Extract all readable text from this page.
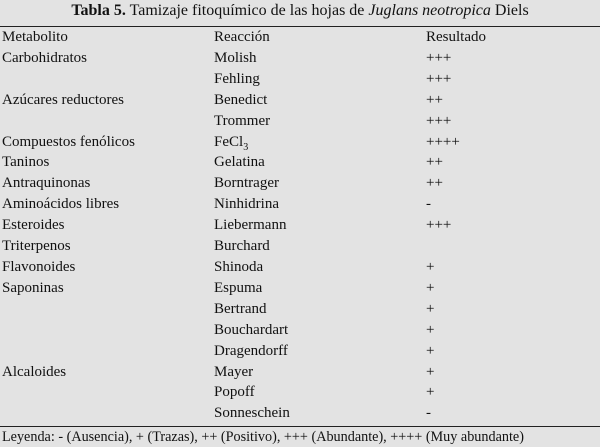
Tabla 5. Tamizaje fitoquímico de las hojas de Juglans neotropica Diels
Metabolito	Reacción	Resultado
Carbohidratos	Molish	+++
	Fehling	+++
Azúcares reductores	Benedict	++
	Trommer	+++
Compuestos fenólicos	FeCl$_3$	++++
Taninos	Gelatina	++
Antraquinonas	Borntrager	++
Aminoácidos libres	Ninhidrina	-
Esteroides	Liebermann	+++
Triterpenos	Burchard	
Flavonoides	Shinoda	+
Saponinas	Espuma	+
	Bertrand	+
	Bouchardart	+
	Dragendorff	+
Alcaloides	Mayer	+
	Popoff	+
	Sonneschein	-
Leyenda: - (Ausencia), + (Trazas), ++ (Positivo), +++ (Abundante), ++++ (Muy abundante)
